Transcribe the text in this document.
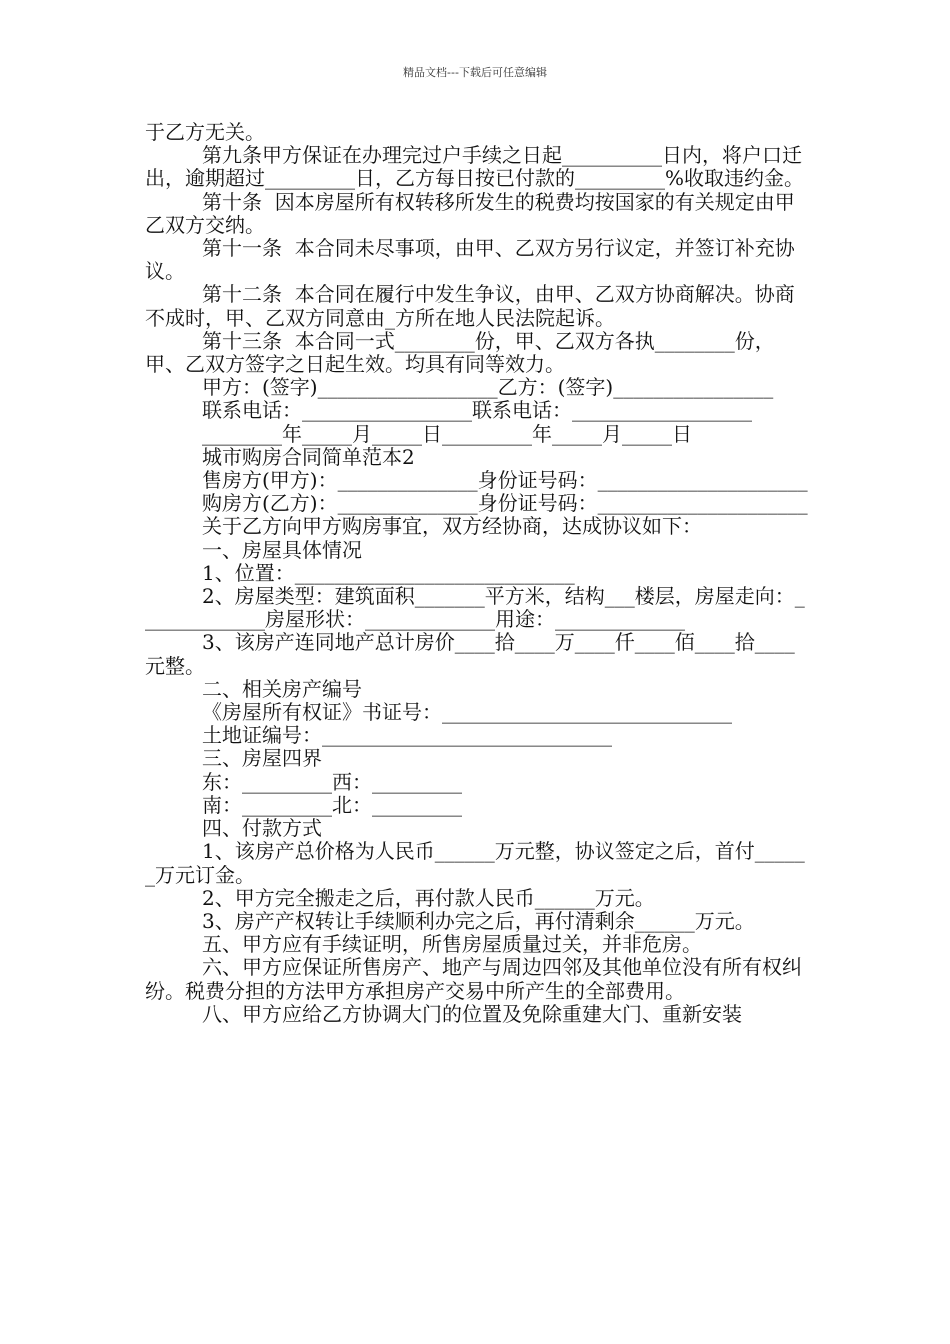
精品文档---下载后可任意编辑

于乙方无关。

第九条甲方保证在办理完过户手续之日起__________日内，将户口迁出，逾期超过_________日，乙方每日按已付款的_________%收取违约金。

第十条  因本房屋所有权转移所发生的税费均按国家的有关规定由甲乙双方交纳。

第十一条  本合同未尽事项，由甲、乙双方另行议定，并签订补充协议。

第十二条  本合同在履行中发生争议，由甲、乙双方协商解决。协商不成时，甲、乙双方同意由_方所在地人民法院起诉。

第十三条  本合同一式________份，甲、乙双方各执________份，甲、乙双方签字之日起生效。均具有同等效力。

甲方：(签字)__________________乙方：(签字)________________

联系电话：_________________联系电话：__________________

________年_____月_____日_________年_____月_____日

城市购房合同简单范本2

售房方(甲方)：______________身份证号码：_____________________

购房方(乙方)：______________身份证号码：_____________________

关于乙方向甲方购房事宜，双方经协商，达成协议如下：

一、房屋具体情况

1、位置：____________________________

2、房屋类型：建筑面积_______平方米，结构___楼层，房屋走向：_____________房屋形状：_____________用途：_____________

3、该房产连同地产总计房价____拾____万____仟____佰____拾____元整。

二、相关房产编号

《房屋所有权证》书证号：_____________________________

土地证编号：_____________________________

三、房屋四界

东：_________西：_________

南：_________北：_________

四、付款方式

1、该房产总价格为人民币______万元整，协议签定之后，首付______万元订金。

2、甲方完全搬走之后，再付款人民币______万元。

3、房产产权转让手续顺利办完之后，再付清剩余______万元。

五、甲方应有手续证明，所售房屋质量过关，并非危房。

六、甲方应保证所售房产、地产与周边四邻及其他单位没有所有权纠纷。税费分担的方法甲方承担房产交易中所产生的全部费用。

八、甲方应给乙方协调大门的位置及免除重建大门、重新安装
